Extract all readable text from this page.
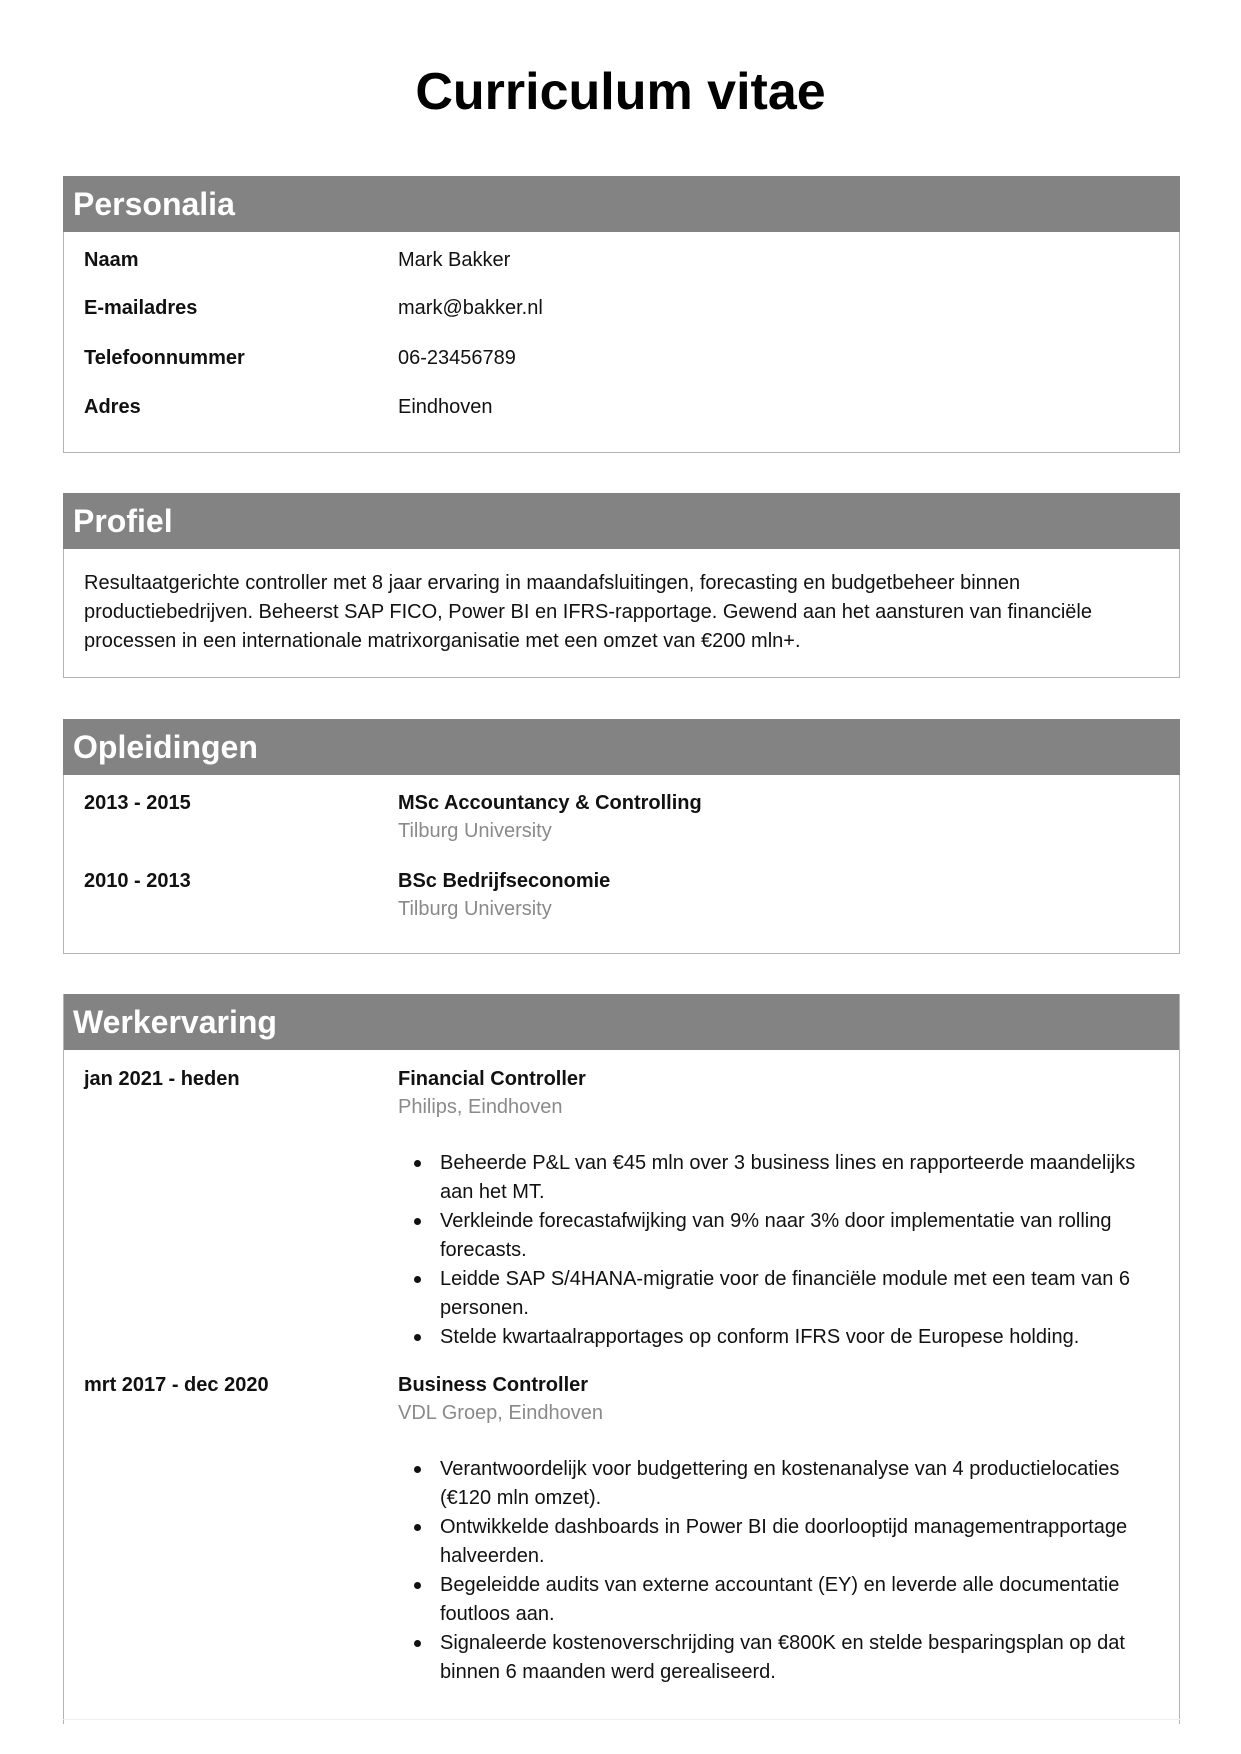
Curriculum vitae
Personalia
Naam	Mark Bakker
E-mailadres	mark@bakker.nl
Telefoonnummer	06-23456789
Adres	Eindhoven
Profiel
Resultaatgerichte controller met 8 jaar ervaring in maandafsluitingen, forecasting en budgetbeheer binnen productiebedrijven. Beheerst SAP FICO, Power BI en IFRS-rapportage. Gewend aan het aansturen van financiële processen in een internationale matrixorganisatie met een omzet van €200 mln+.
Opleidingen
2013 - 2015	MSc Accountancy & Controlling
Tilburg University
2010 - 2013	BSc Bedrijfseconomie
Tilburg University
Werkervaring
jan 2021 - heden	Financial Controller
Philips, Eindhoven
Beheerde P&L van €45 mln over 3 business lines en rapporteerde maandelijks aan het MT.
Verkleinde forecastafwijking van 9% naar 3% door implementatie van rolling forecasts.
Leidde SAP S/4HANA-migratie voor de financiële module met een team van 6 personen.
Stelde kwartaalrapportages op conform IFRS voor de Europese holding.
mrt 2017 - dec 2020	Business Controller
VDL Groep, Eindhoven
Verantwoordelijk voor budgettering en kostenanalyse van 4 productielocaties (€120 mln omzet).
Ontwikkelde dashboards in Power BI die doorlooptijd managementrapportage halveerden.
Begeleidde audits van externe accountant (EY) en leverde alle documentatie foutloos aan.
Signaleerde kostenoverschrijding van €800K en stelde besparingsplan op dat binnen 6 maanden werd gerealiseerd.
